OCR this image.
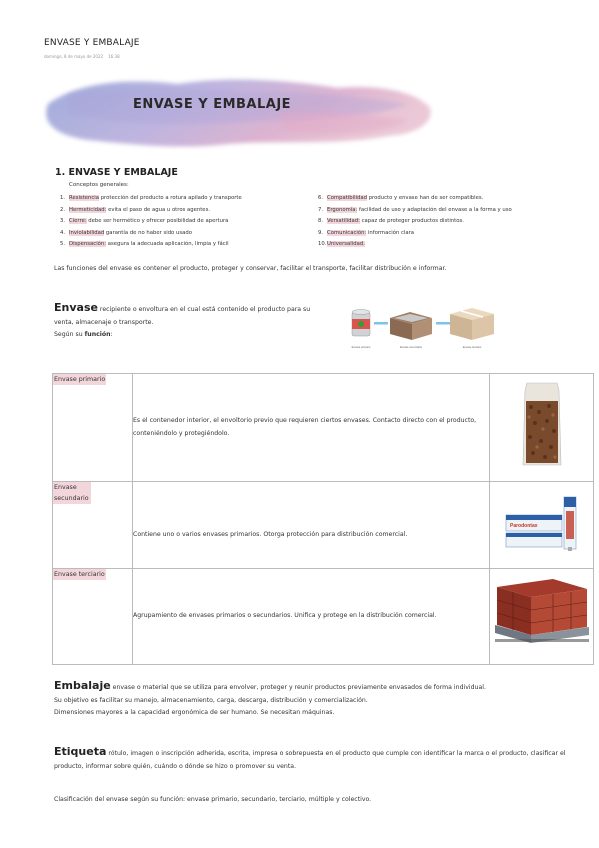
ENVASE Y EMBALAJE
domingo, 8 de mayo de 2022 16:38
ENVASE Y EMBALAJE
1. ENVASE Y EMBALAJE
Conceptos generales:
1. Resistencia protección del producto a rotura apilado y transporte
2. Hermeticidad: evita el paso de agua u otros agentes.
3. Cierre: debe ser hermético y ofrecer posibilidad de apertura
4. Inviolabilidad garantía de no haber sido usado
5. Dispensación: asegura la adecuada aplicación, limpia y fácil
6. Compatibilidad producto y envase han de ser compatibles.
7. Ergonomía: facilidad de uso y adaptación del envase a la forma y uso
8. Versatilidad: capaz de proteger productos distintos.
9. Comunicación: información clara
10.Universalidad.
Las funciones del envase es contener el producto, proteger y conservar, facilitar el transporte, facilitar distribución e informar.
Envase recipiente o envoltura en el cual está contenido el producto para su venta, almacenaje o transporte.
Según su función:
Envase primario	Envase secundario	Envase terciario
Envase primario	Es el contenedor interior, el envoltorio previo que requieren ciertos envases. Contacto directo con el producto, conteniéndolo y protegiéndolo.

Envase secundario	Contiene uno o varios envases primarios. Otorga protección para distribución comercial.	Parodontax

Envase terciario	Agrupamiento de envases primarios o secundarios. Unifica y protege en la distribución comercial.

Embalaje envase o material que se utiliza para envolver, proteger y reunir productos previamente envasados de forma individual.
Su objetivo es facilitar su manejo, almacenamiento, carga, descarga, distribución y comercialización.
Dimensiones mayores a la capacidad ergonómica de ser humano. Se necesitan máquinas.
Etiqueta rótulo, imagen o inscripción adherida, escrita, impresa o sobrepuesta en el producto que cumple con identificar la marca o el producto, clasificar el producto, informar sobre quién, cuándo o dónde se hizo o promover su venta.
Clasificación del envase según su función: envase primario, secundario, terciario, múltiple y colectivo.
